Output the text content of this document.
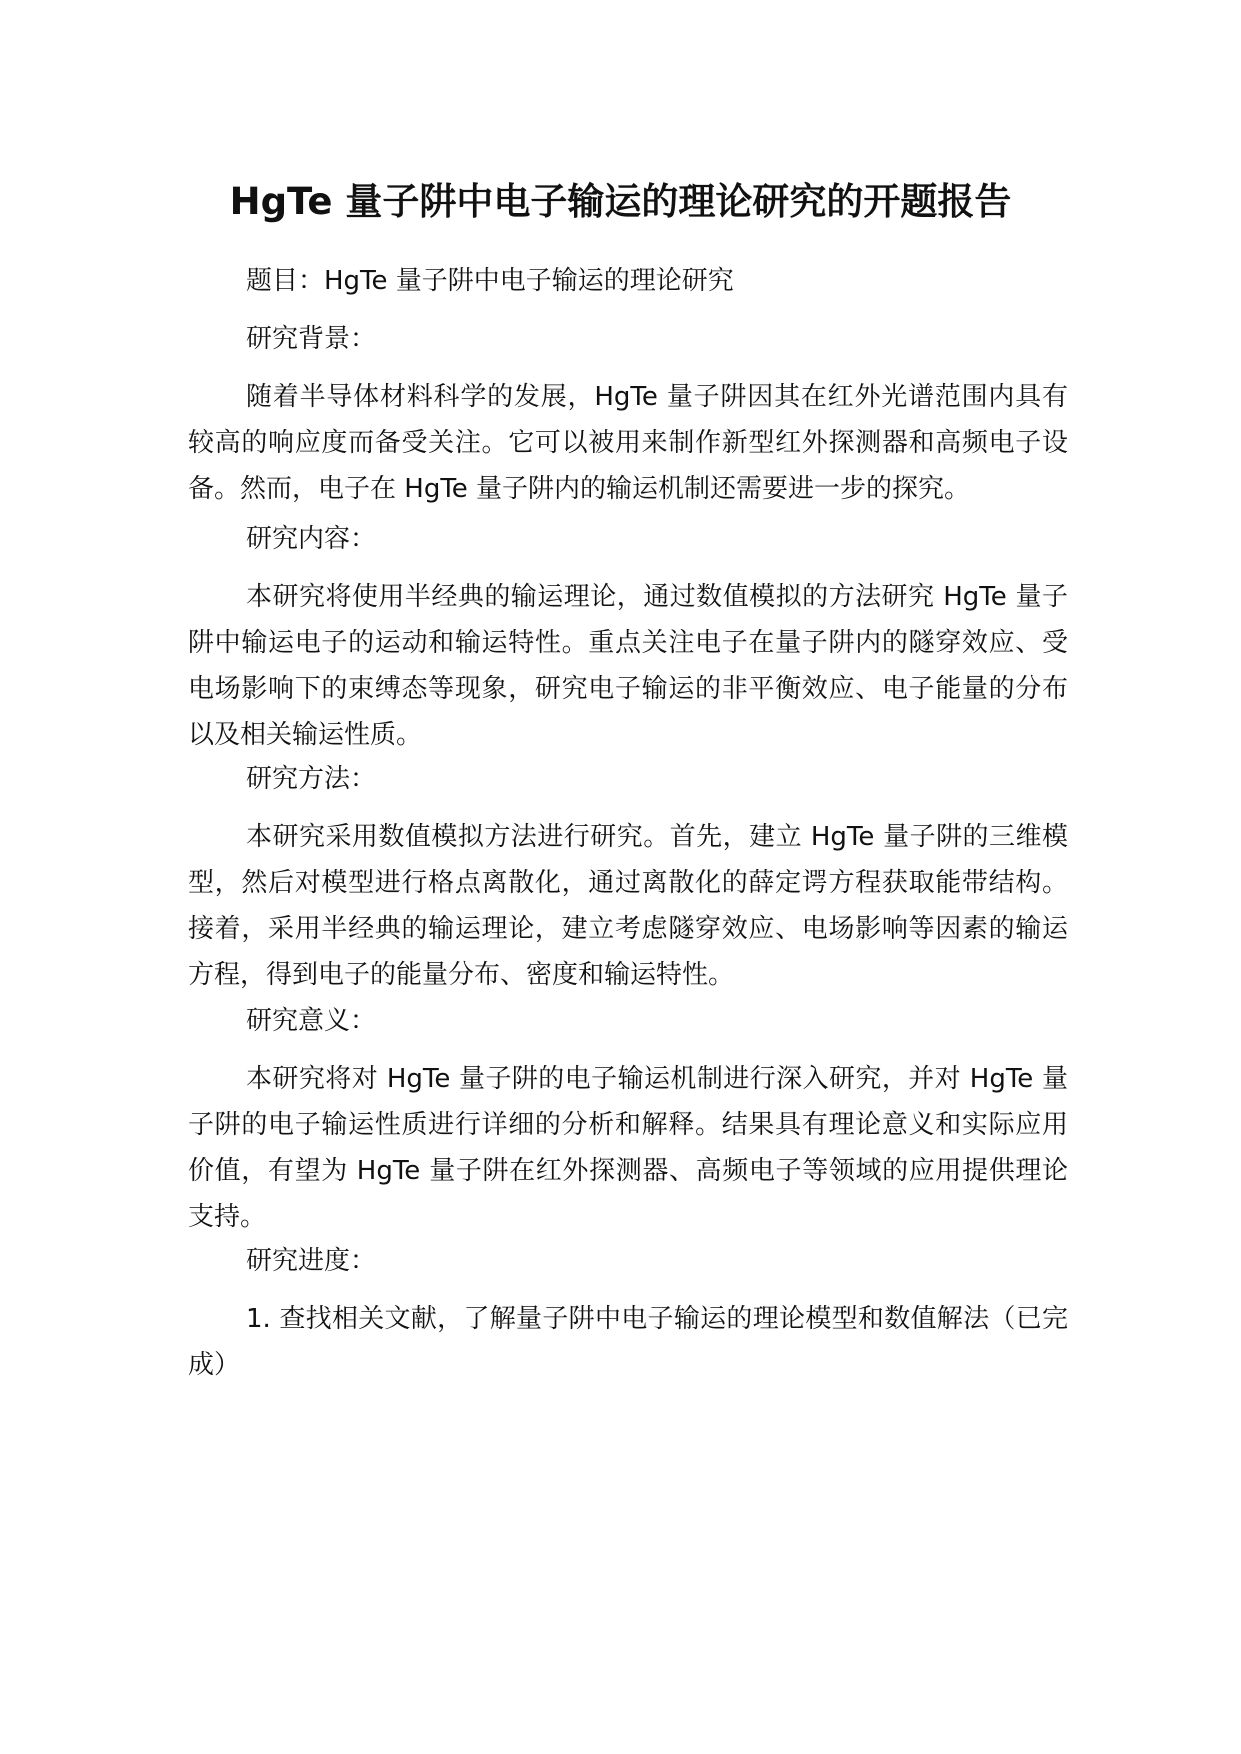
HgTe 量子阱中电子输运的理论研究的开题报告

题目：HgTe 量子阱中电子输运的理论研究

研究背景：

随着半导体材料科学的发展，HgTe 量子阱因其在红外光谱范围内具有较高的响应度而备受关注。它可以被用来制作新型红外探测器和高频电子设备。然而，电子在 HgTe 量子阱内的输运机制还需要进一步的探究。

研究内容：

本研究将使用半经典的输运理论，通过数值模拟的方法研究 HgTe 量子阱中输运电子的运动和输运特性。重点关注电子在量子阱内的隧穿效应、受电场影响下的束缚态等现象，研究电子输运的非平衡效应、电子能量的分布以及相关输运性质。

研究方法：

本研究采用数值模拟方法进行研究。首先，建立 HgTe 量子阱的三维模型，然后对模型进行格点离散化，通过离散化的薛定谔方程获取能带结构。接着，采用半经典的输运理论，建立考虑隧穿效应、电场影响等因素的输运方程，得到电子的能量分布、密度和输运特性。

研究意义：

本研究将对 HgTe 量子阱的电子输运机制进行深入研究，并对 HgTe 量子阱的电子输运性质进行详细的分析和解释。结果具有理论意义和实际应用价值，有望为 HgTe 量子阱在红外探测器、高频电子等领域的应用提供理论支持。

研究进度：

1. 查找相关文献，了解量子阱中电子输运的理论模型和数值解法（已完成）
